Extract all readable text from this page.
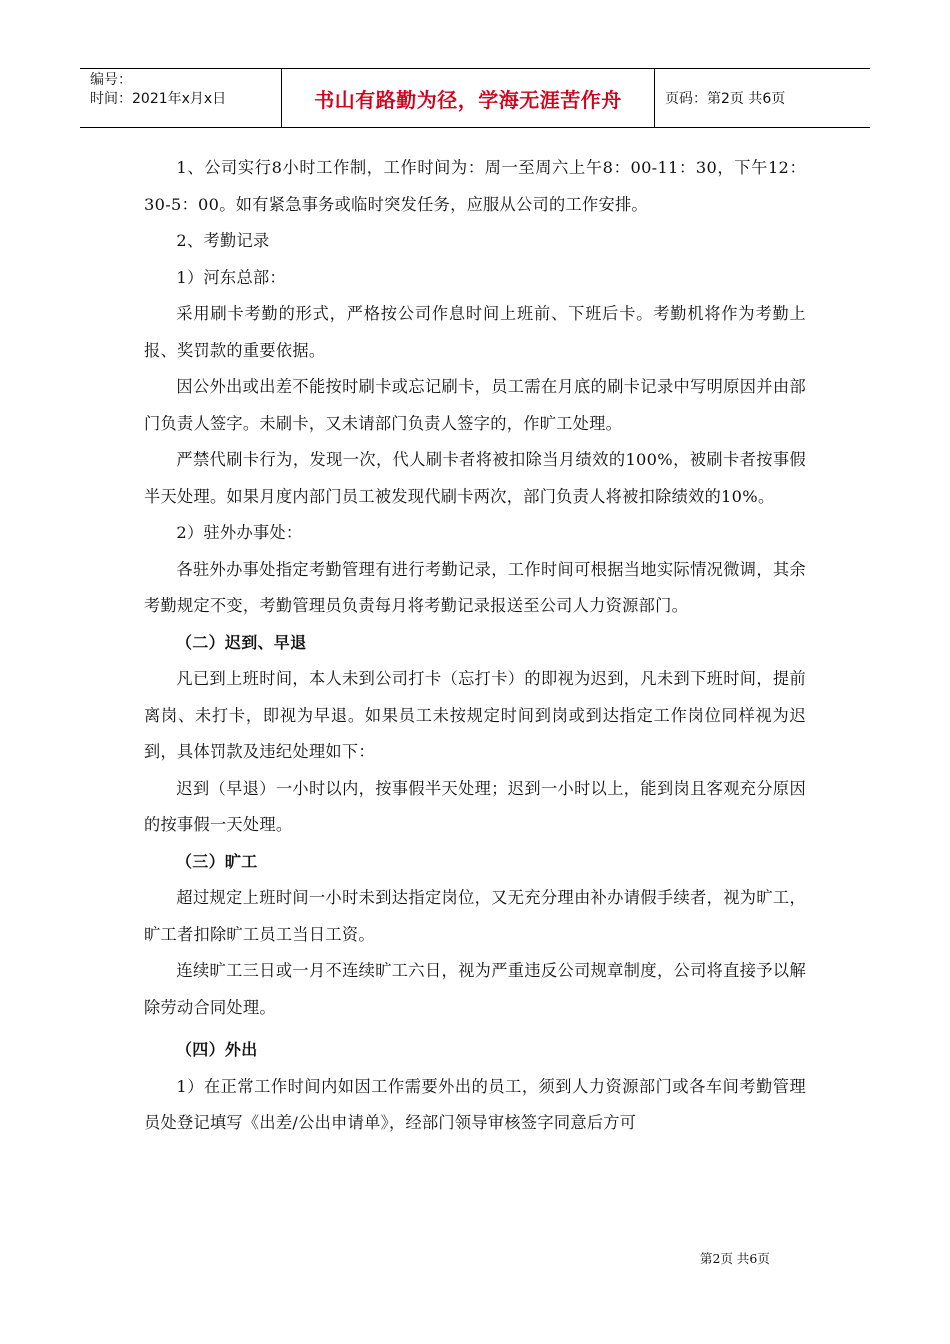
编号：
时间：2021年x月x日	书山有路勤为径，学海无涯苦作舟	页码：第2页 共6页

1、公司实行8小时工作制，工作时间为：周一至周六上午8：00-11：30，下午12：30-5：00。如有紧急事务或临时突发任务，应服从公司的工作安排。

2、考勤记录

1）河东总部：

采用刷卡考勤的形式，严格按公司作息时间上班前、下班后卡。考勤机将作为考勤上报、奖罚款的重要依据。

因公外出或出差不能按时刷卡或忘记刷卡，员工需在月底的刷卡记录中写明原因并由部门负责人签字。未刷卡，又未请部门负责人签字的，作旷工处理。

严禁代刷卡行为，发现一次，代人刷卡者将被扣除当月绩效的100%，被刷卡者按事假半天处理。如果月度内部门员工被发现代刷卡两次，部门负责人将被扣除绩效的10%。

2）驻外办事处：

各驻外办事处指定考勤管理有进行考勤记录，工作时间可根据当地实际情况微调，其余考勤规定不变，考勤管理员负责每月将考勤记录报送至公司人力资源部门。

（二）迟到、早退

凡已到上班时间，本人未到公司打卡（忘打卡）的即视为迟到，凡未到下班时间，提前离岗、未打卡，即视为早退。如果员工未按规定时间到岗或到达指定工作岗位同样视为迟到，具体罚款及违纪处理如下：

迟到（早退）一小时以内，按事假半天处理；迟到一小时以上，能到岗且客观充分原因的按事假一天处理。

（三）旷工

超过规定上班时间一小时未到达指定岗位，又无充分理由补办请假手续者，视为旷工，旷工者扣除旷工员工当日工资。

连续旷工三日或一月不连续旷工六日，视为严重违反公司规章制度，公司将直接予以解除劳动合同处理。

（四）外出

1）在正常工作时间内如因工作需要外出的员工，须到人力资源部门或各车间考勤管理员处登记填写《出差/公出申请单》，经部门领导审核签字同意后方可

第2页 共6页
